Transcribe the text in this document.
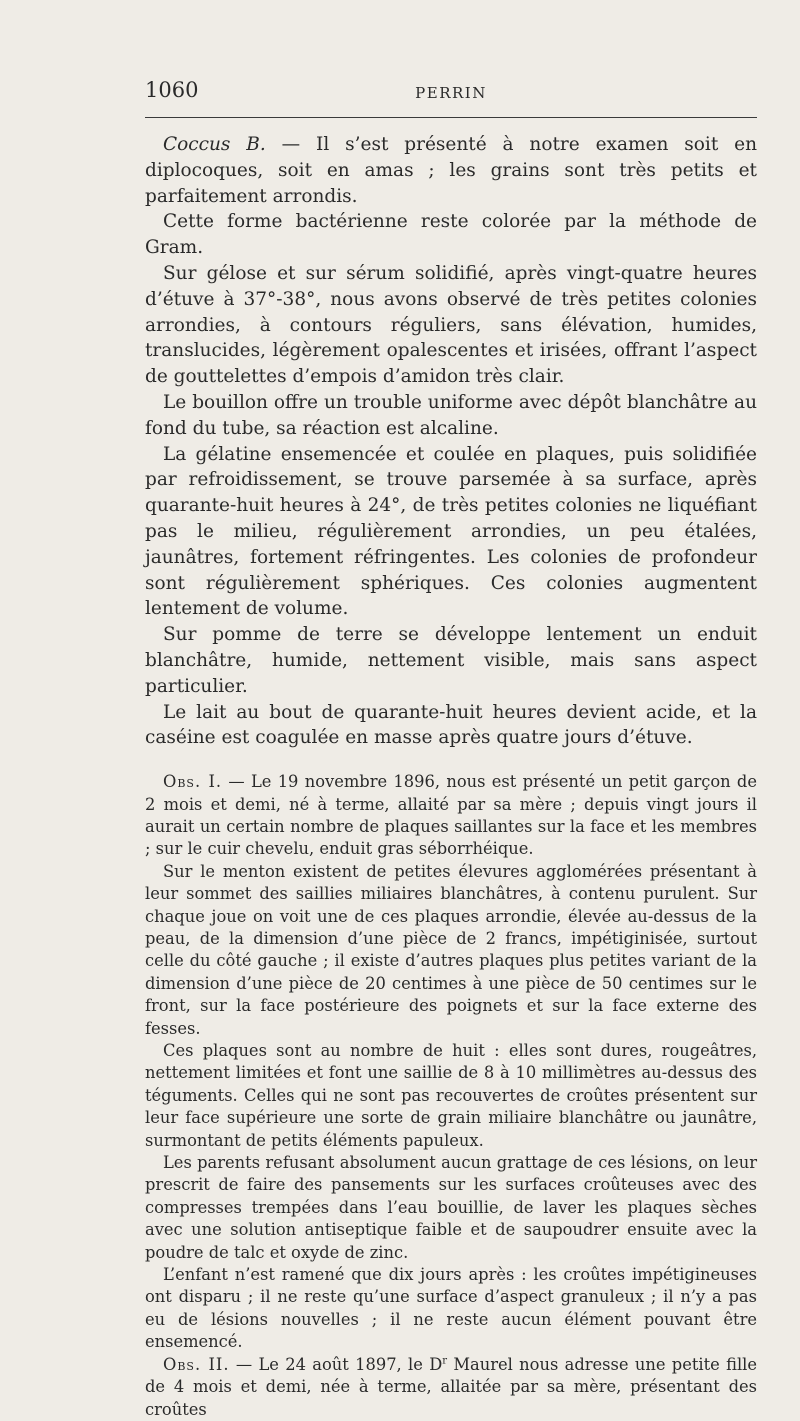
1060	PERRIN

Coccus B. — Il s’est présenté à notre examen soit en diplocoques, soit en amas ; les grains sont très petits et parfaitement arrondis.

Cette forme bactérienne reste colorée par la méthode de Gram.

Sur gélose et sur sérum solidifié, après vingt-quatre heures d’étuve à 37°-38°, nous avons observé de très petites colonies arrondies, à contours réguliers, sans élévation, humides, translucides, légèrement opalescentes et irisées, offrant l’aspect de gouttelettes d’empois d’amidon très clair.

Le bouillon offre un trouble uniforme avec dépôt blanchâtre au fond du tube, sa réaction est alcaline.

La gélatine ensemencée et coulée en plaques, puis solidifiée par refroidissement, se trouve parsemée à sa surface, après quarante-huit heures à 24°, de très petites colonies ne liquéfiant pas le milieu, régulièrement arrondies, un peu étalées, jaunâtres, fortement réfringentes. Les colonies de profondeur sont régulièrement sphériques. Ces colonies augmentent lentement de volume.

Sur pomme de terre se développe lentement un enduit blanchâtre, humide, nettement visible, mais sans aspect particulier.

Le lait au bout de quarante-huit heures devient acide, et la caséine est coagulée en masse après quatre jours d’étuve.

Obs. I. — Le 19 novembre 1896, nous est présenté un petit garçon de 2 mois et demi, né à terme, allaité par sa mère ; depuis vingt jours il aurait un certain nombre de plaques saillantes sur la face et les membres ; sur le cuir chevelu, enduit gras séborrhéique.

Sur le menton existent de petites élevures agglomérées présentant à leur sommet des saillies miliaires blanchâtres, à contenu purulent. Sur chaque joue on voit une de ces plaques arrondie, élevée au-dessus de la peau, de la dimension d’une pièce de 2 francs, impétiginisée, surtout celle du côté gauche ; il existe d’autres plaques plus petites variant de la dimension d’une pièce de 20 centimes à une pièce de 50 centimes sur le front, sur la face postérieure des poignets et sur la face externe des fesses.

Ces plaques sont au nombre de huit : elles sont dures, rougeâtres, nettement limitées et font une saillie de 8 à 10 millimètres au-dessus des téguments. Celles qui ne sont pas recouvertes de croûtes présentent sur leur face supérieure une sorte de grain miliaire blanchâtre ou jaunâtre, surmontant de petits éléments papuleux.

Les parents refusant absolument aucun grattage de ces lésions, on leur prescrit de faire des pansements sur les surfaces croûteuses avec des compresses trempées dans l’eau bouillie, de laver les plaques sèches avec une solution antiseptique faible et de saupoudrer ensuite avec la poudre de talc et oxyde de zinc.

L’enfant n’est ramené que dix jours après : les croûtes impétigineuses ont disparu ; il ne reste qu’une surface d’aspect granuleux ; il n’y a pas eu de lésions nouvelles ; il ne reste aucun élément pouvant être ensemencé.

Obs. II. — Le 24 août 1897, le $D^r$ Maurel nous adresse une petite fille de 4 mois et demi, née à terme, allaitée par sa mère, présentant des croûtes
